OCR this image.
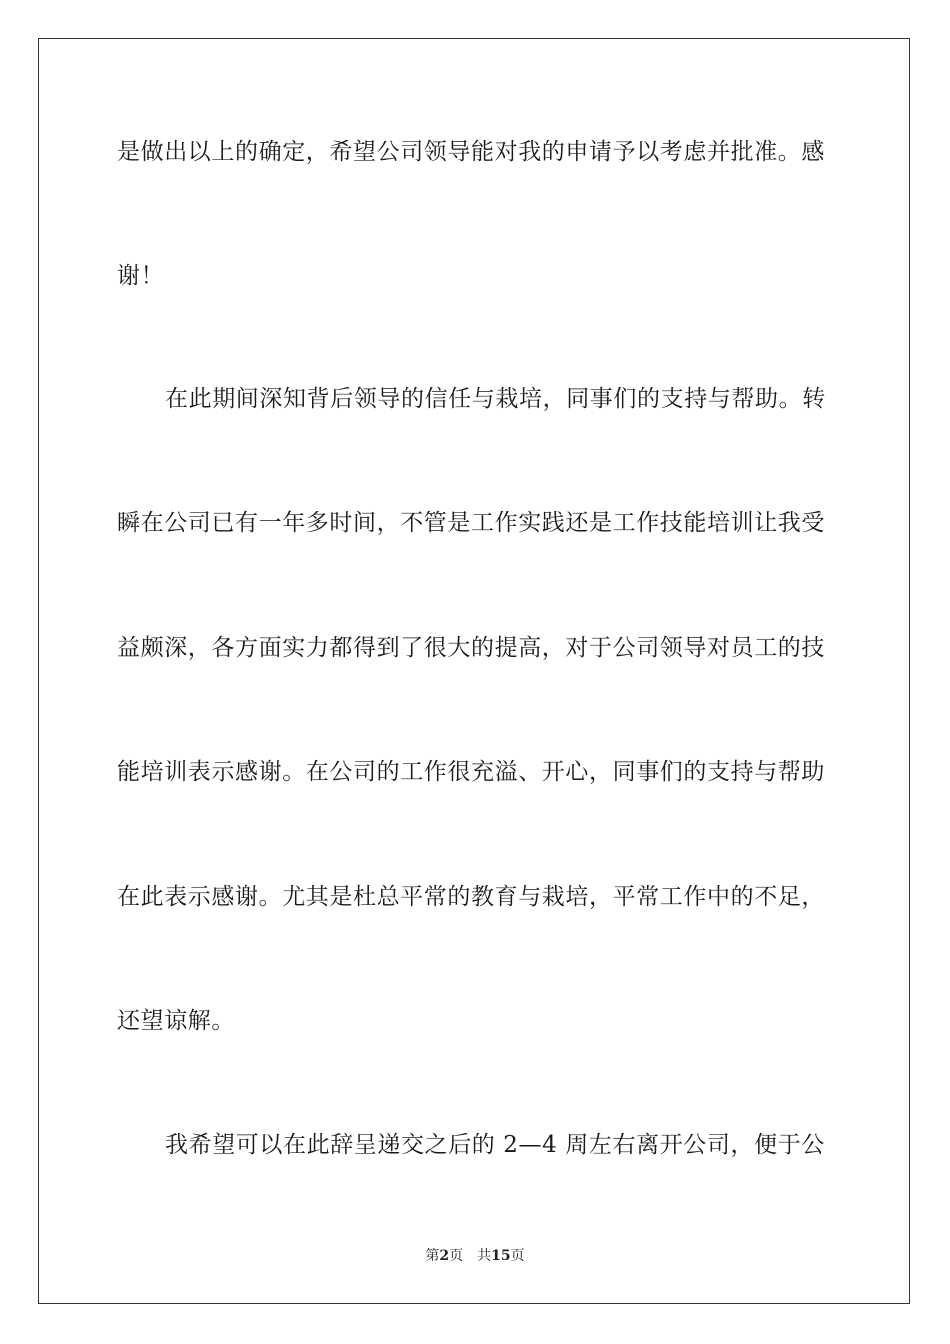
是做出以上的确定，希望公司领导能对我的申请予以考虑并批准。感
谢！
在此期间深知背后领导的信任与栽培，同事们的支持与帮助。转
瞬在公司已有一年多时间，不管是工作实践还是工作技能培训让我受
益颇深，各方面实力都得到了很大的提高，对于公司领导对员工的技
能培训表示感谢。在公司的工作很充溢、开心，同事们的支持与帮助
在此表示感谢。尤其是杜总平常的教育与栽培，平常工作中的不足，
还望谅解。
我希望可以在此辞呈递交之后的 2—4 周左右离开公司，便于公
第2页 共15页
